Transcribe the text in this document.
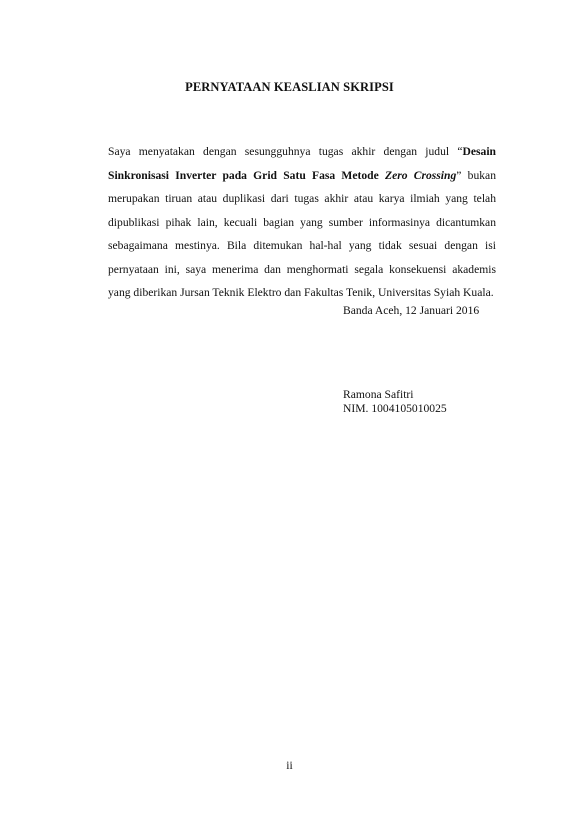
PERNYATAAN KEASLIAN SKRIPSI

Saya menyatakan dengan sesungguhnya tugas akhir dengan judul “Desain
Sinkronisasi Inverter pada Grid Satu Fasa Metode Zero Crossing” bukan
merupakan tiruan atau duplikasi dari tugas akhir atau karya ilmiah yang telah
dipublikasi pihak lain, kecuali bagian yang sumber informasinya dicantumkan
sebagaimana mestinya. Bila ditemukan hal-hal yang tidak sesuai dengan isi
pernyataan ini, saya menerima dan menghormati segala konsekuensi akademis
yang diberikan Jursan Teknik Elektro dan Fakultas Tenik, Universitas Syiah Kuala.

Banda Aceh, 12 Januari 2016
Ramona Safitri
NIM. 1004105010025
ii
